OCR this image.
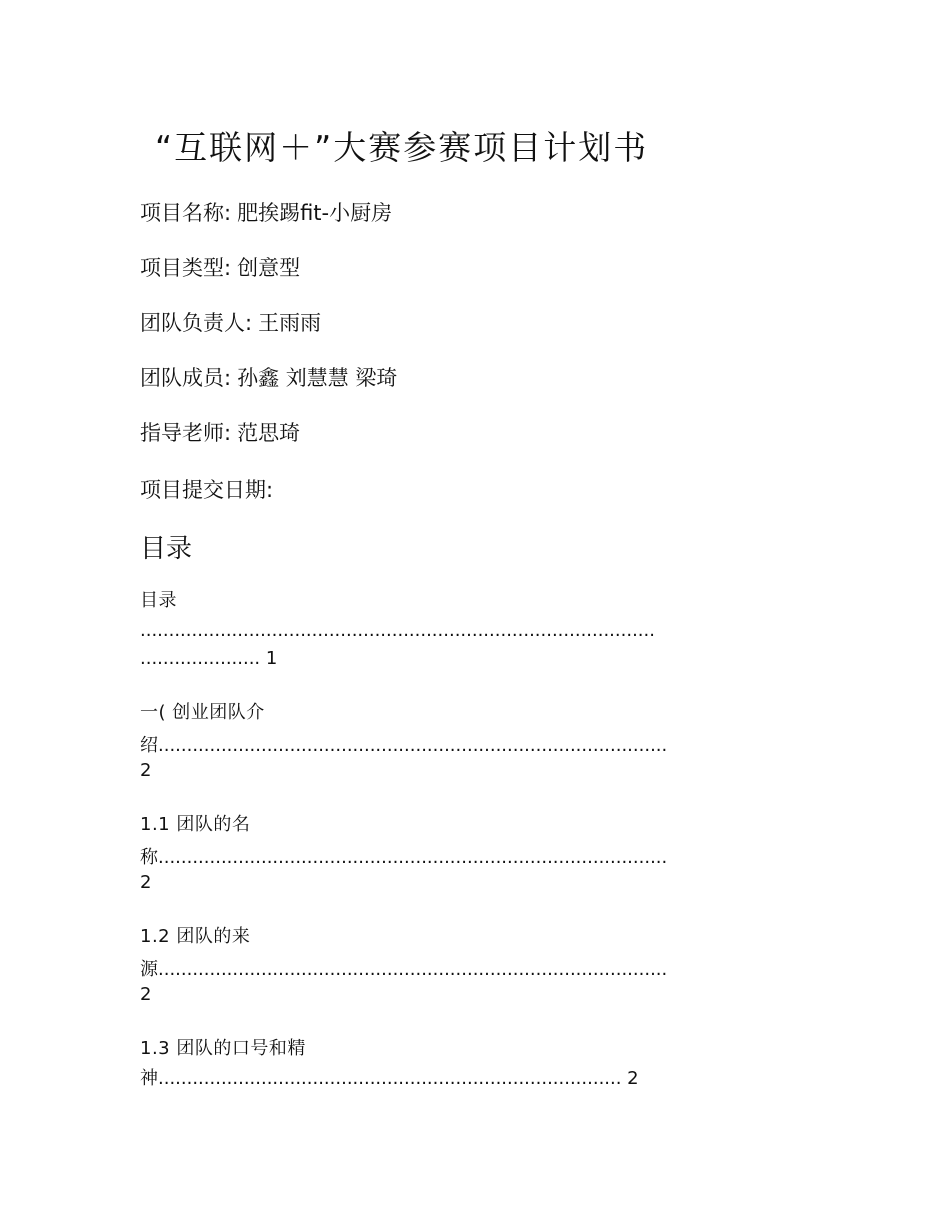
“互联网＋”大赛参赛项目计划书

项目名称: 肥挨踢fit-小厨房

项目类型: 创意型

团队负责人: 王雨雨

团队成员: 孙鑫 刘慧慧 梁琦

指导老师: 范思琦

项目提交日期:

目录

目录

..........................................................................................

..................... 1

一( 创业团队介

绍.........................................................................................

2

1.1 团队的名

称.........................................................................................

2

1.2 团队的来

源.........................................................................................

2

1.3 团队的口号和精

神................................................................................. 2
